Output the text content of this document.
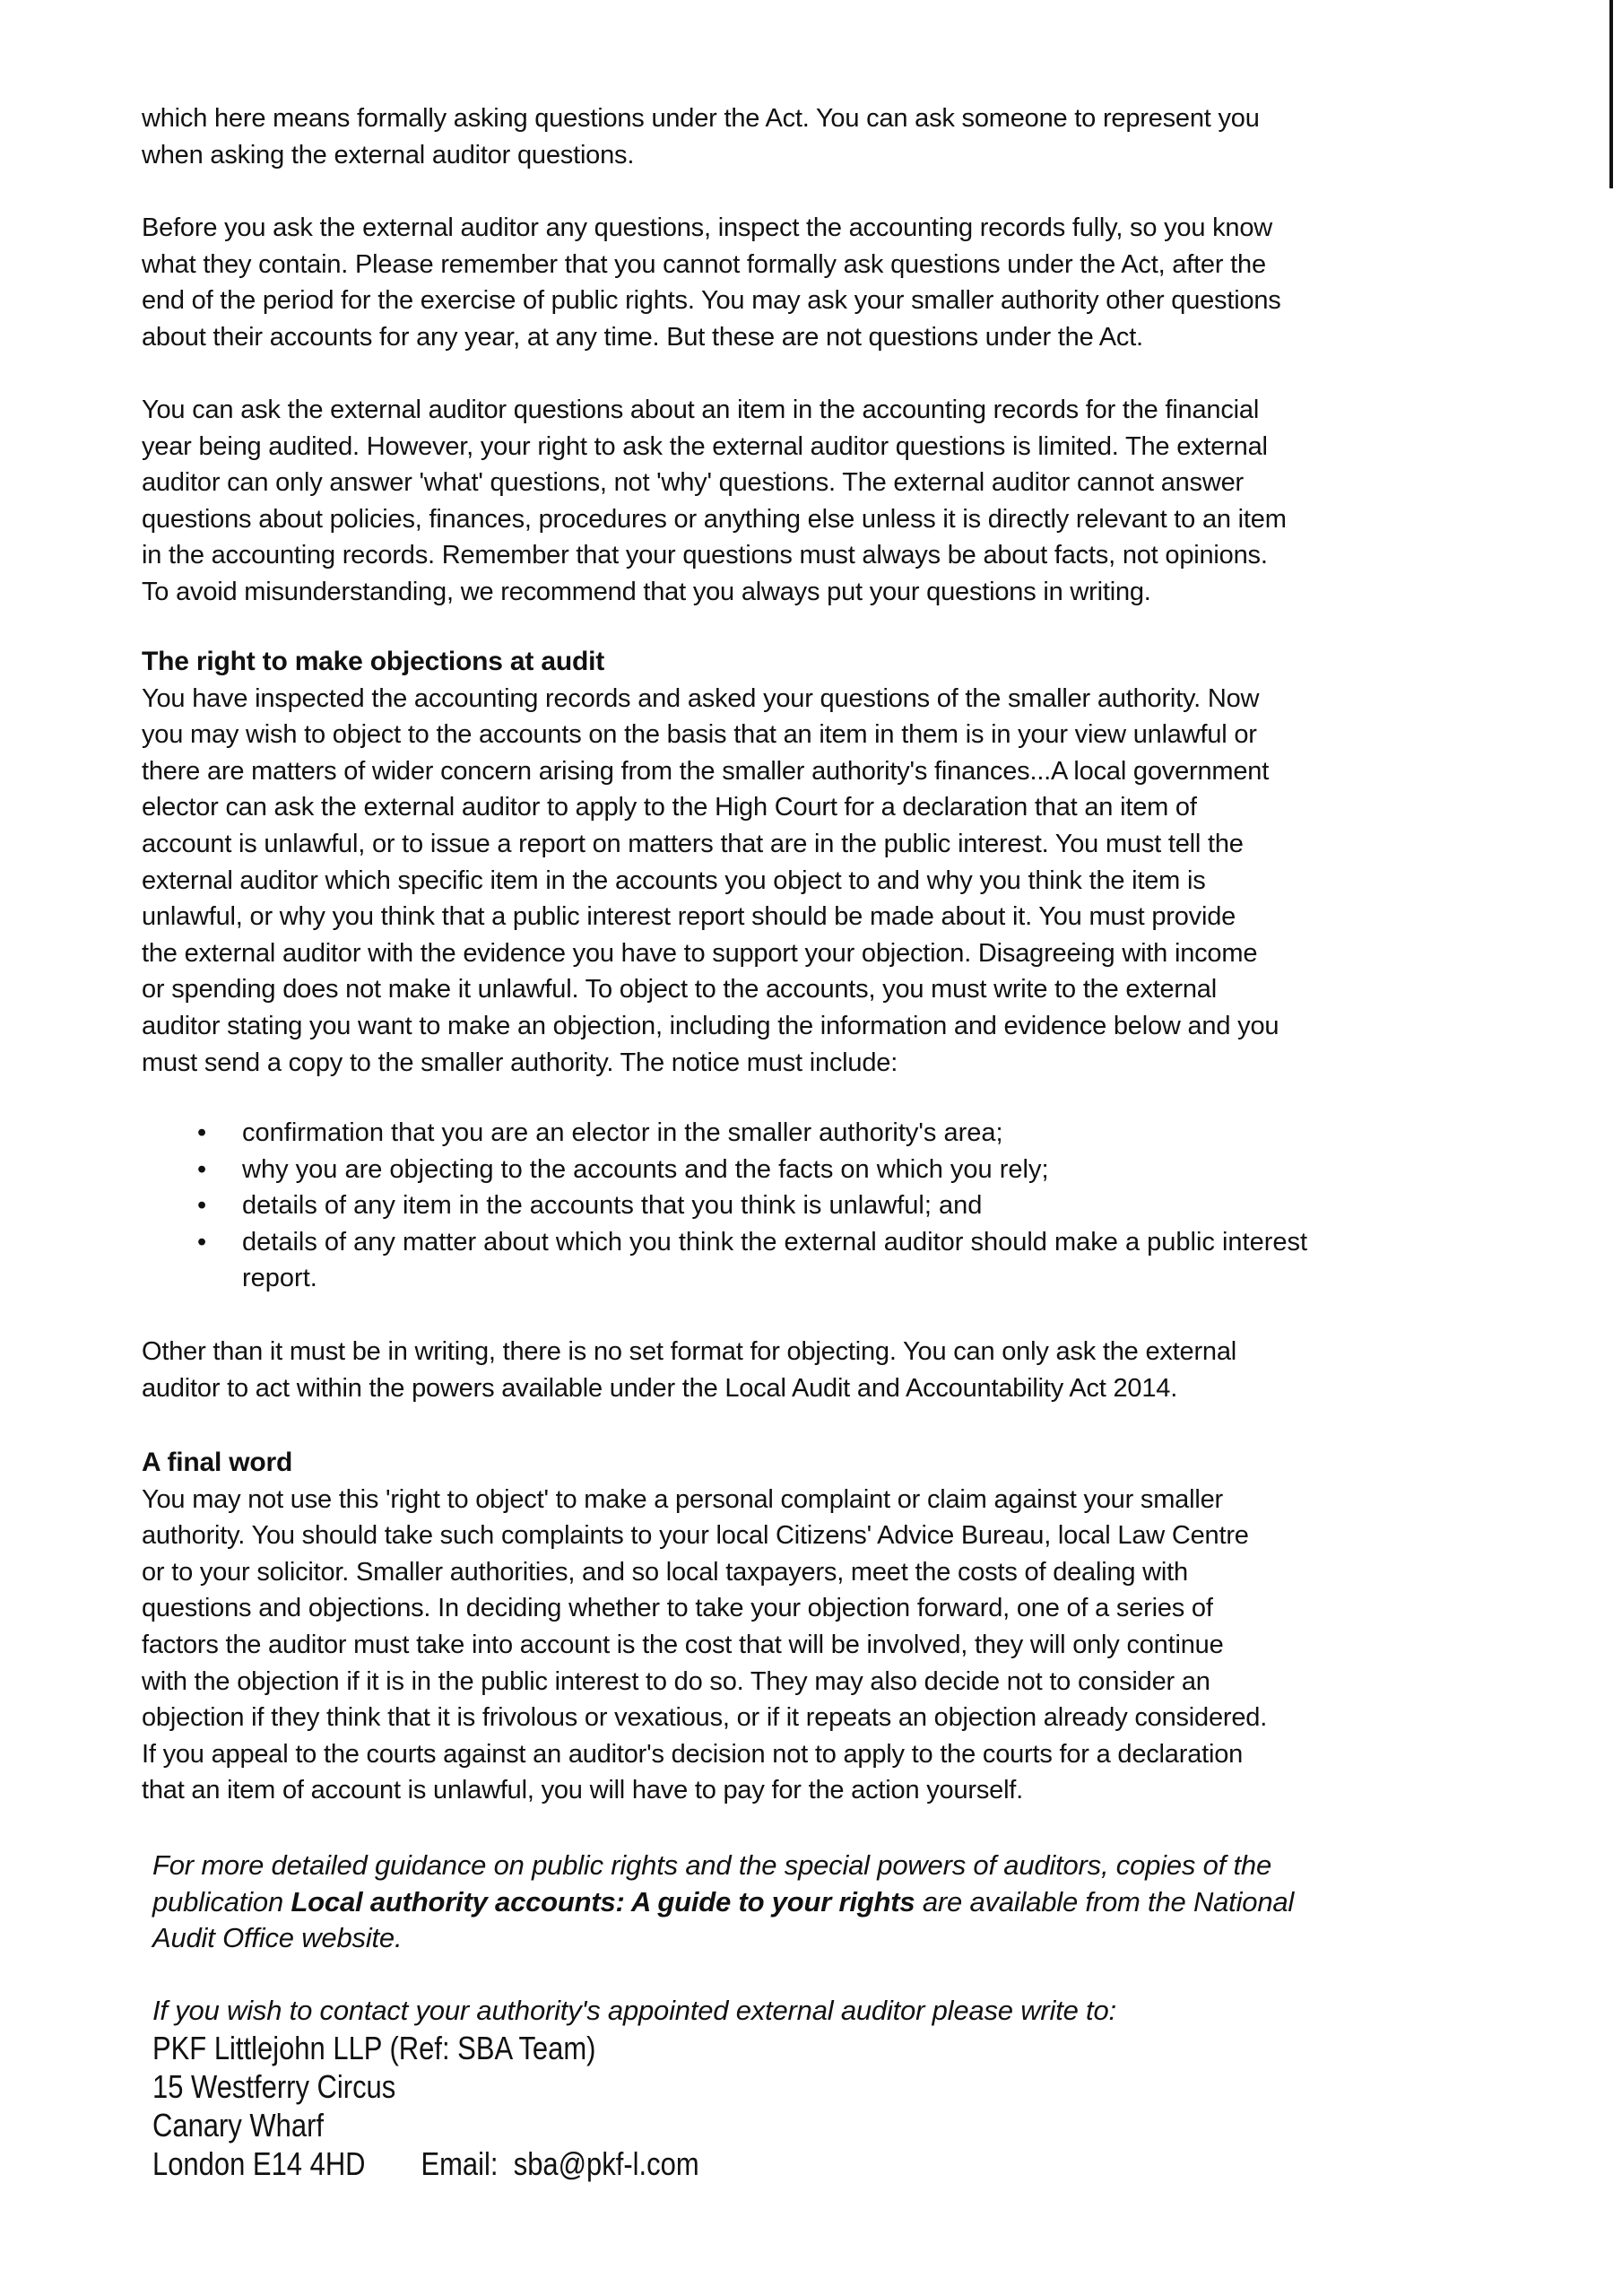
which here means formally asking questions under the Act. You can ask someone to represent you
when asking the external auditor questions.
Before you ask the external auditor any questions, inspect the accounting records fully, so you know
what they contain. Please remember that you cannot formally ask questions under the Act, after the
end of the period for the exercise of public rights. You may ask your smaller authority other questions
about their accounts for any year, at any time. But these are not questions under the Act.
You can ask the external auditor questions about an item in the accounting records for the financial
year being audited. However, your right to ask the external auditor questions is limited. The external
auditor can only answer 'what' questions, not 'why' questions. The external auditor cannot answer
questions about policies, finances, procedures or anything else unless it is directly relevant to an item
in the accounting records. Remember that your questions must always be about facts, not opinions.
To avoid misunderstanding, we recommend that you always put your questions in writing.
The right to make objections at audit
You have inspected the accounting records and asked your questions of the smaller authority. Now
you may wish to object to the accounts on the basis that an item in them is in your view unlawful or
there are matters of wider concern arising from the smaller authority's finances...A local government
elector can ask the external auditor to apply to the High Court for a declaration that an item of
account is unlawful, or to issue a report on matters that are in the public interest. You must tell the
external auditor which specific item in the accounts you object to and why you think the item is
unlawful, or why you think that a public interest report should be made about it. You must provide
the external auditor with the evidence you have to support your objection. Disagreeing with income
or spending does not make it unlawful. To object to the accounts, you must write to the external
auditor stating you want to make an objection, including the information and evidence below and you
must send a copy to the smaller authority. The notice must include:
• confirmation that you are an elector in the smaller authority's area;
• why you are objecting to the accounts and the facts on which you rely;
• details of any item in the accounts that you think is unlawful; and
• details of any matter about which you think the external auditor should make a public interest
report.
Other than it must be in writing, there is no set format for objecting. You can only ask the external
auditor to act within the powers available under the Local Audit and Accountability Act 2014.
A final word
You may not use this 'right to object' to make a personal complaint or claim against your smaller
authority. You should take such complaints to your local Citizens' Advice Bureau, local Law Centre
or to your solicitor. Smaller authorities, and so local taxpayers, meet the costs of dealing with
questions and objections. In deciding whether to take your objection forward, one of a series of
factors the auditor must take into account is the cost that will be involved, they will only continue
with the objection if it is in the public interest to do so. They may also decide not to consider an
objection if they think that it is frivolous or vexatious, or if it repeats an objection already considered.
If you appeal to the courts against an auditor's decision not to apply to the courts for a declaration
that an item of account is unlawful, you will have to pay for the action yourself.
For more detailed guidance on public rights and the special powers of auditors, copies of the
publication Local authority accounts: A guide to your rights are available from the National
Audit Office website.
If you wish to contact your authority's appointed external auditor please write to:
PKF Littlejohn LLP (Ref: SBA Team)
15 Westferry Circus
Canary Wharf
London E14 4HD Email: sba@pkf-l.com
